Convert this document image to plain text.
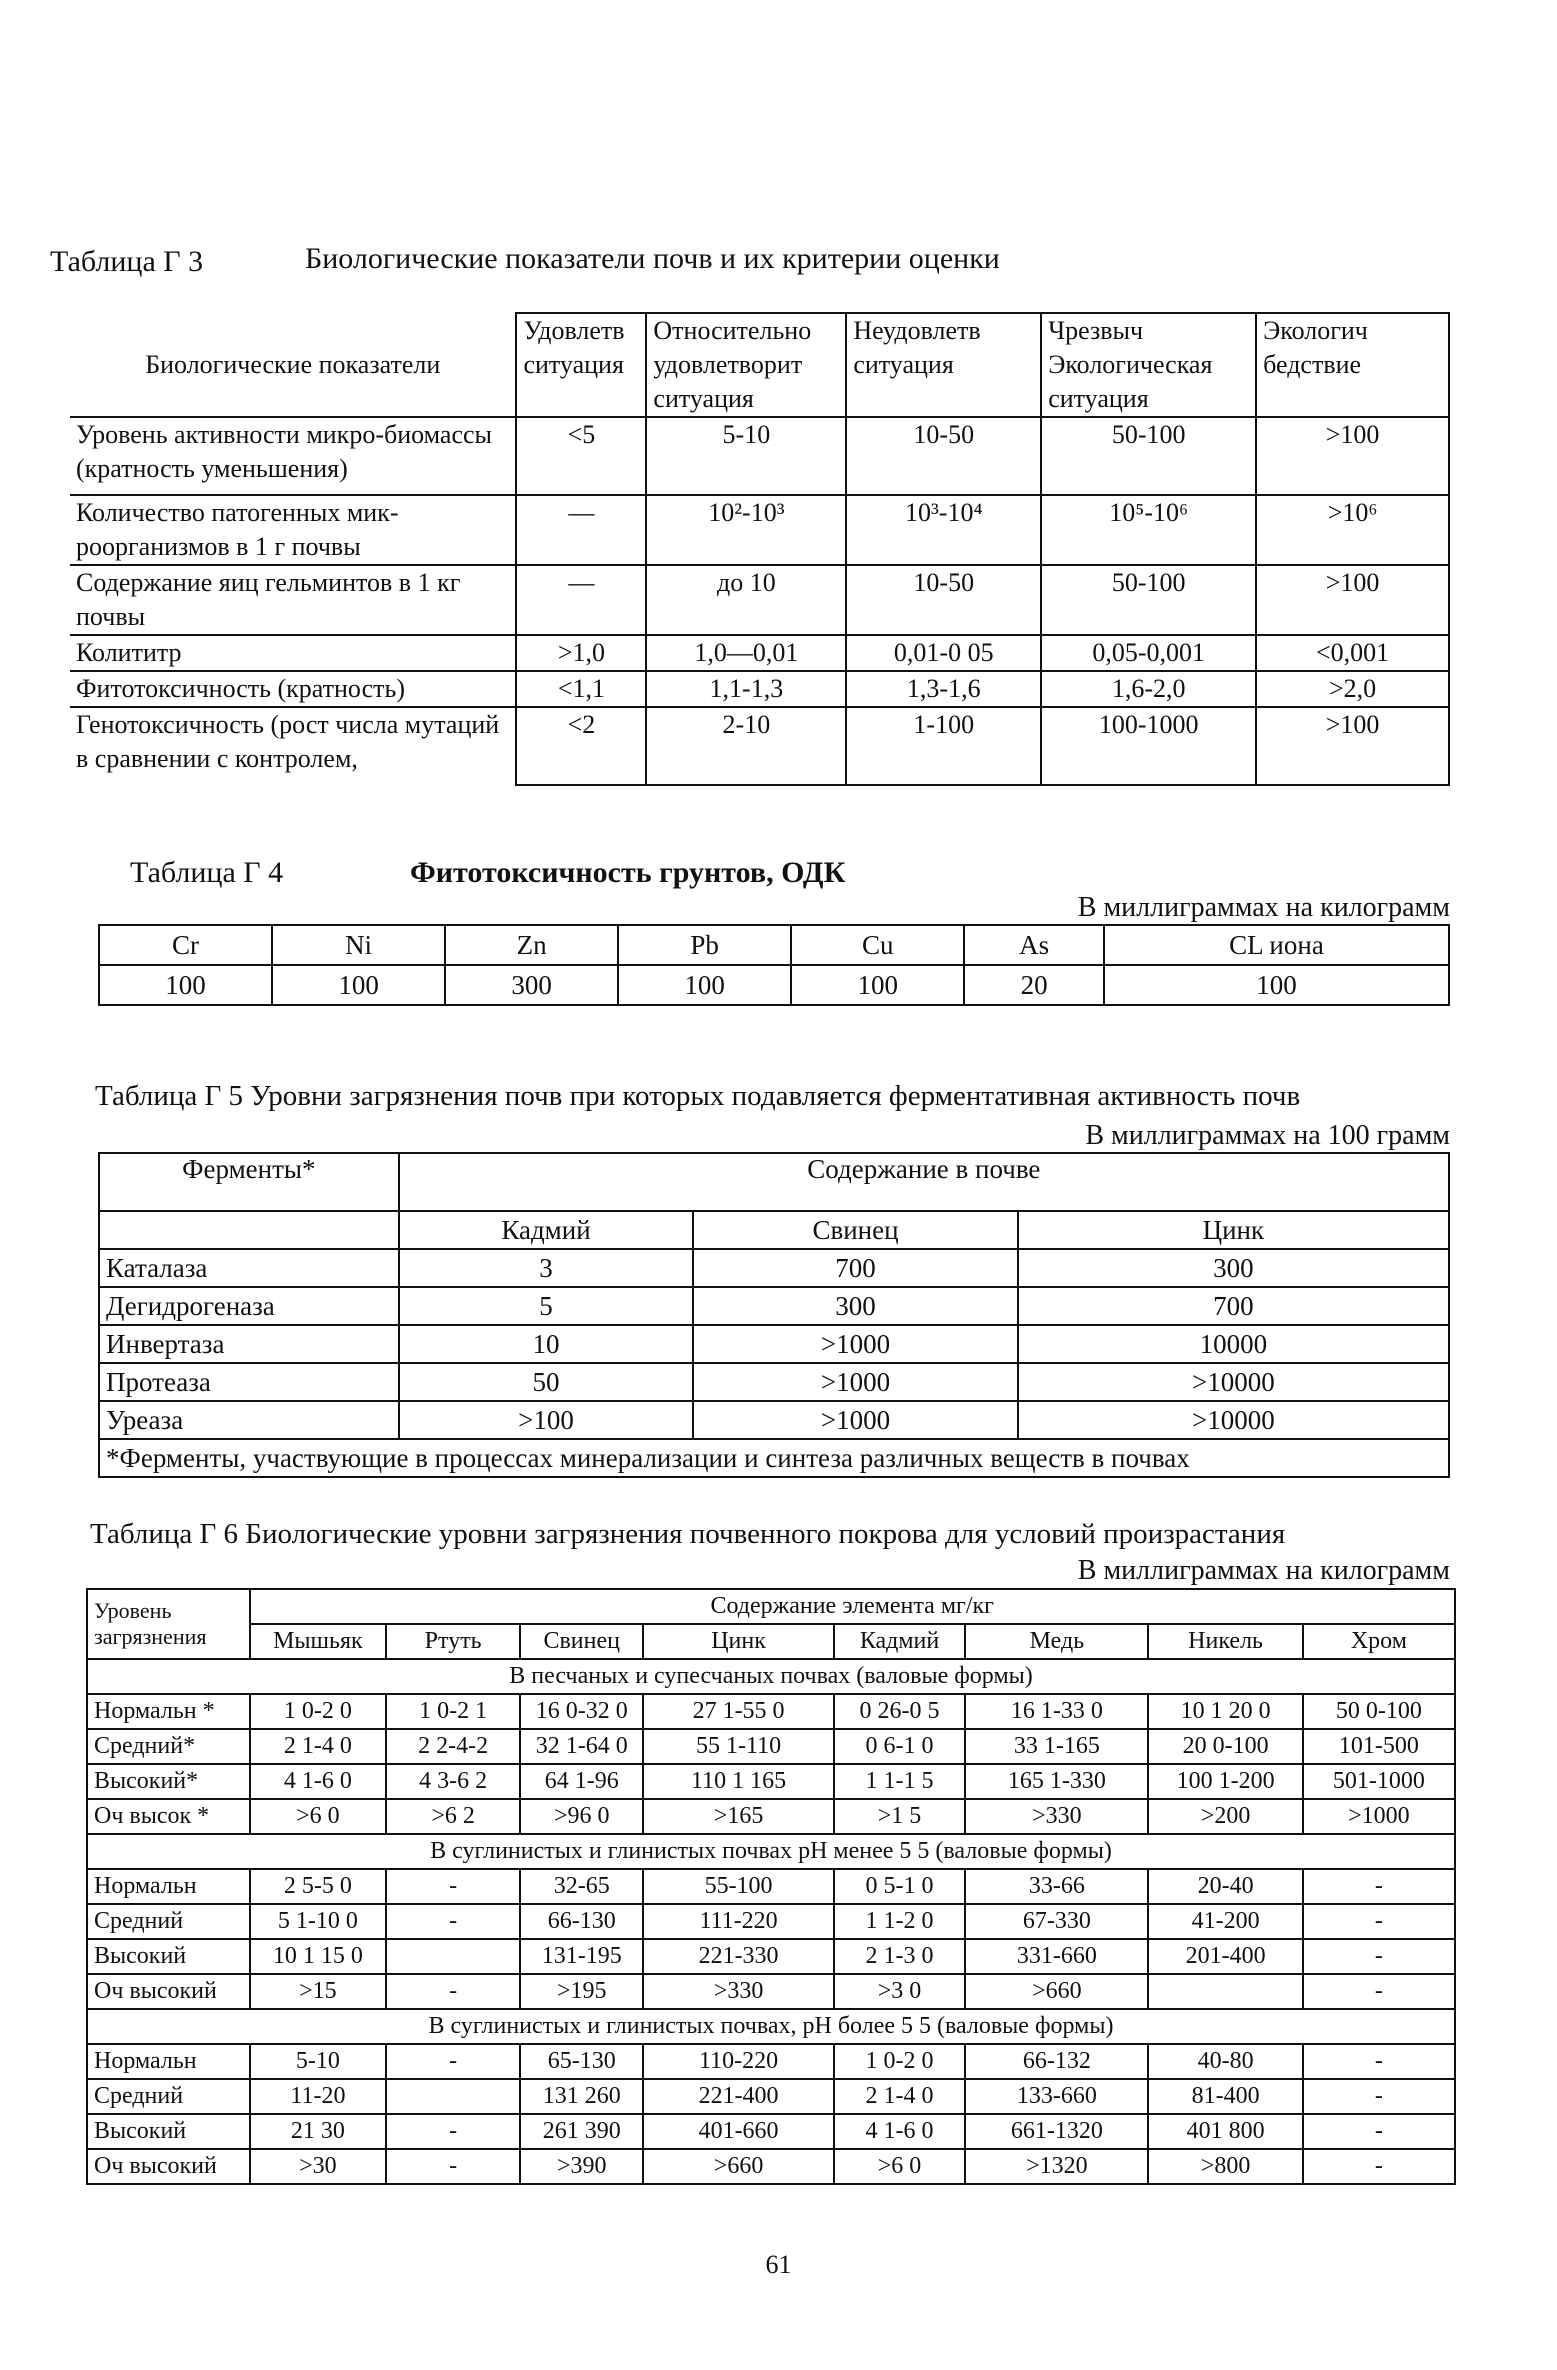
Таблица Г 3	Биологические показатели почв и их критерии оценки
Биологические показатели	Удовлетв ситуация	Относительно удовлетворит ситуация	Неудовлетв ситуация	Чрезвыч Экологическая ситуация	Экологич бедствие
Уровень активности микро-биомассы (кратность уменьшения)	<5	5-10	10-50	50-100	>100
Количество патогенных мик-роорганизмов в 1 г почвы	—	10²-10³	10³-10⁴	10⁵-10⁶	>10⁶
Содержание яиц гельминтов в 1 кг почвы	—	до 10	10-50	50-100	>100
Колититр	>1,0	1,0—0,01	0,01-0 05	0,05-0,001	<0,001
Фитотоксичность (кратность)	<1,1	1,1-1,3	1,3-1,6	1,6-2,0	>2,0
Генотоксичность (рост числа мутаций в сравнении с контролем,	<2	2-10	1-100	100-1000	>100
Таблица Г 4	Фитотоксичность грунтов, ОДК
В миллиграммах на килограмм
Cr	Ni	Zn	Pb	Cu	As	CL иона
100	100	300	100	100	20	100
Таблица Г 5 Уровни загрязнения почв при которых подавляется ферментативная активность почв
В миллиграммах на 100 грамм
Ферменты*	Содержание в почве		
	Кадмий	Свинец	Цинк
Каталаза	3	700	300
Дегидрогеназа	5	300	700
Инвертаза	10	>1000	10000
Протеаза	50	>1000	>10000
Уреаза	>100	>1000	>10000
*Ферменты, участвующие в процессах минерализации и синтеза различных веществ в почвах			
Таблица Г 6 Биологические уровни загрязнения почвенного покрова для условий произрастания
В миллиграммах на килограмм
Уровень загрязнения	Содержание элемента мг/кг							
	Мышьяк	Ртуть	Свинец	Цинк	Кадмий	Медь	Никель	Хром
В песчаных и супесчаных почвах (валовые формы)								
Нормальн *	1 0-2 0	1 0-2 1	16 0-32 0	27 1-55 0	0 26-0 5	16 1-33 0	10 1 20 0	50 0-100
Средний*	2 1-4 0	2 2-4-2	32 1-64 0	55 1-110	0 6-1 0	33 1-165	20 0-100	101-500
Высокий*	4 1-6 0	4 3-6 2	64 1-96	110 1 165	1 1-1 5	165 1-330	100 1-200	501-1000
Оч высок *	>6 0	>6 2	>96 0	>165	>1 5	>330	>200	>1000
В суглинистых и глинистых почвах рН менее 5 5 (валовые формы)								
Нормальн	2 5-5 0	-	32-65	55-100	0 5-1 0	33-66	20-40	-
Средний	5 1-10 0	-	66-130	111-220	1 1-2 0	67-330	41-200	-
Высокий	10 1 15 0		131-195	221-330	2 1-3 0	331-660	201-400	-
Оч высокий	>15	-	>195	>330	>3 0	>660		-
В суглинистых и глинистых почвах, рН более 5 5 (валовые формы)								
Нормальн	5-10	-	65-130	110-220	1 0-2 0	66-132	40-80	-
Средний	11-20		131 260	221-400	2 1-4 0	133-660	81-400	-
Высокий	21 30	-	261 390	401-660	4 1-6 0	661-1320	401 800	-
Оч высокий	>30	-	>390	>660	>6 0	>1320	>800	-
61
